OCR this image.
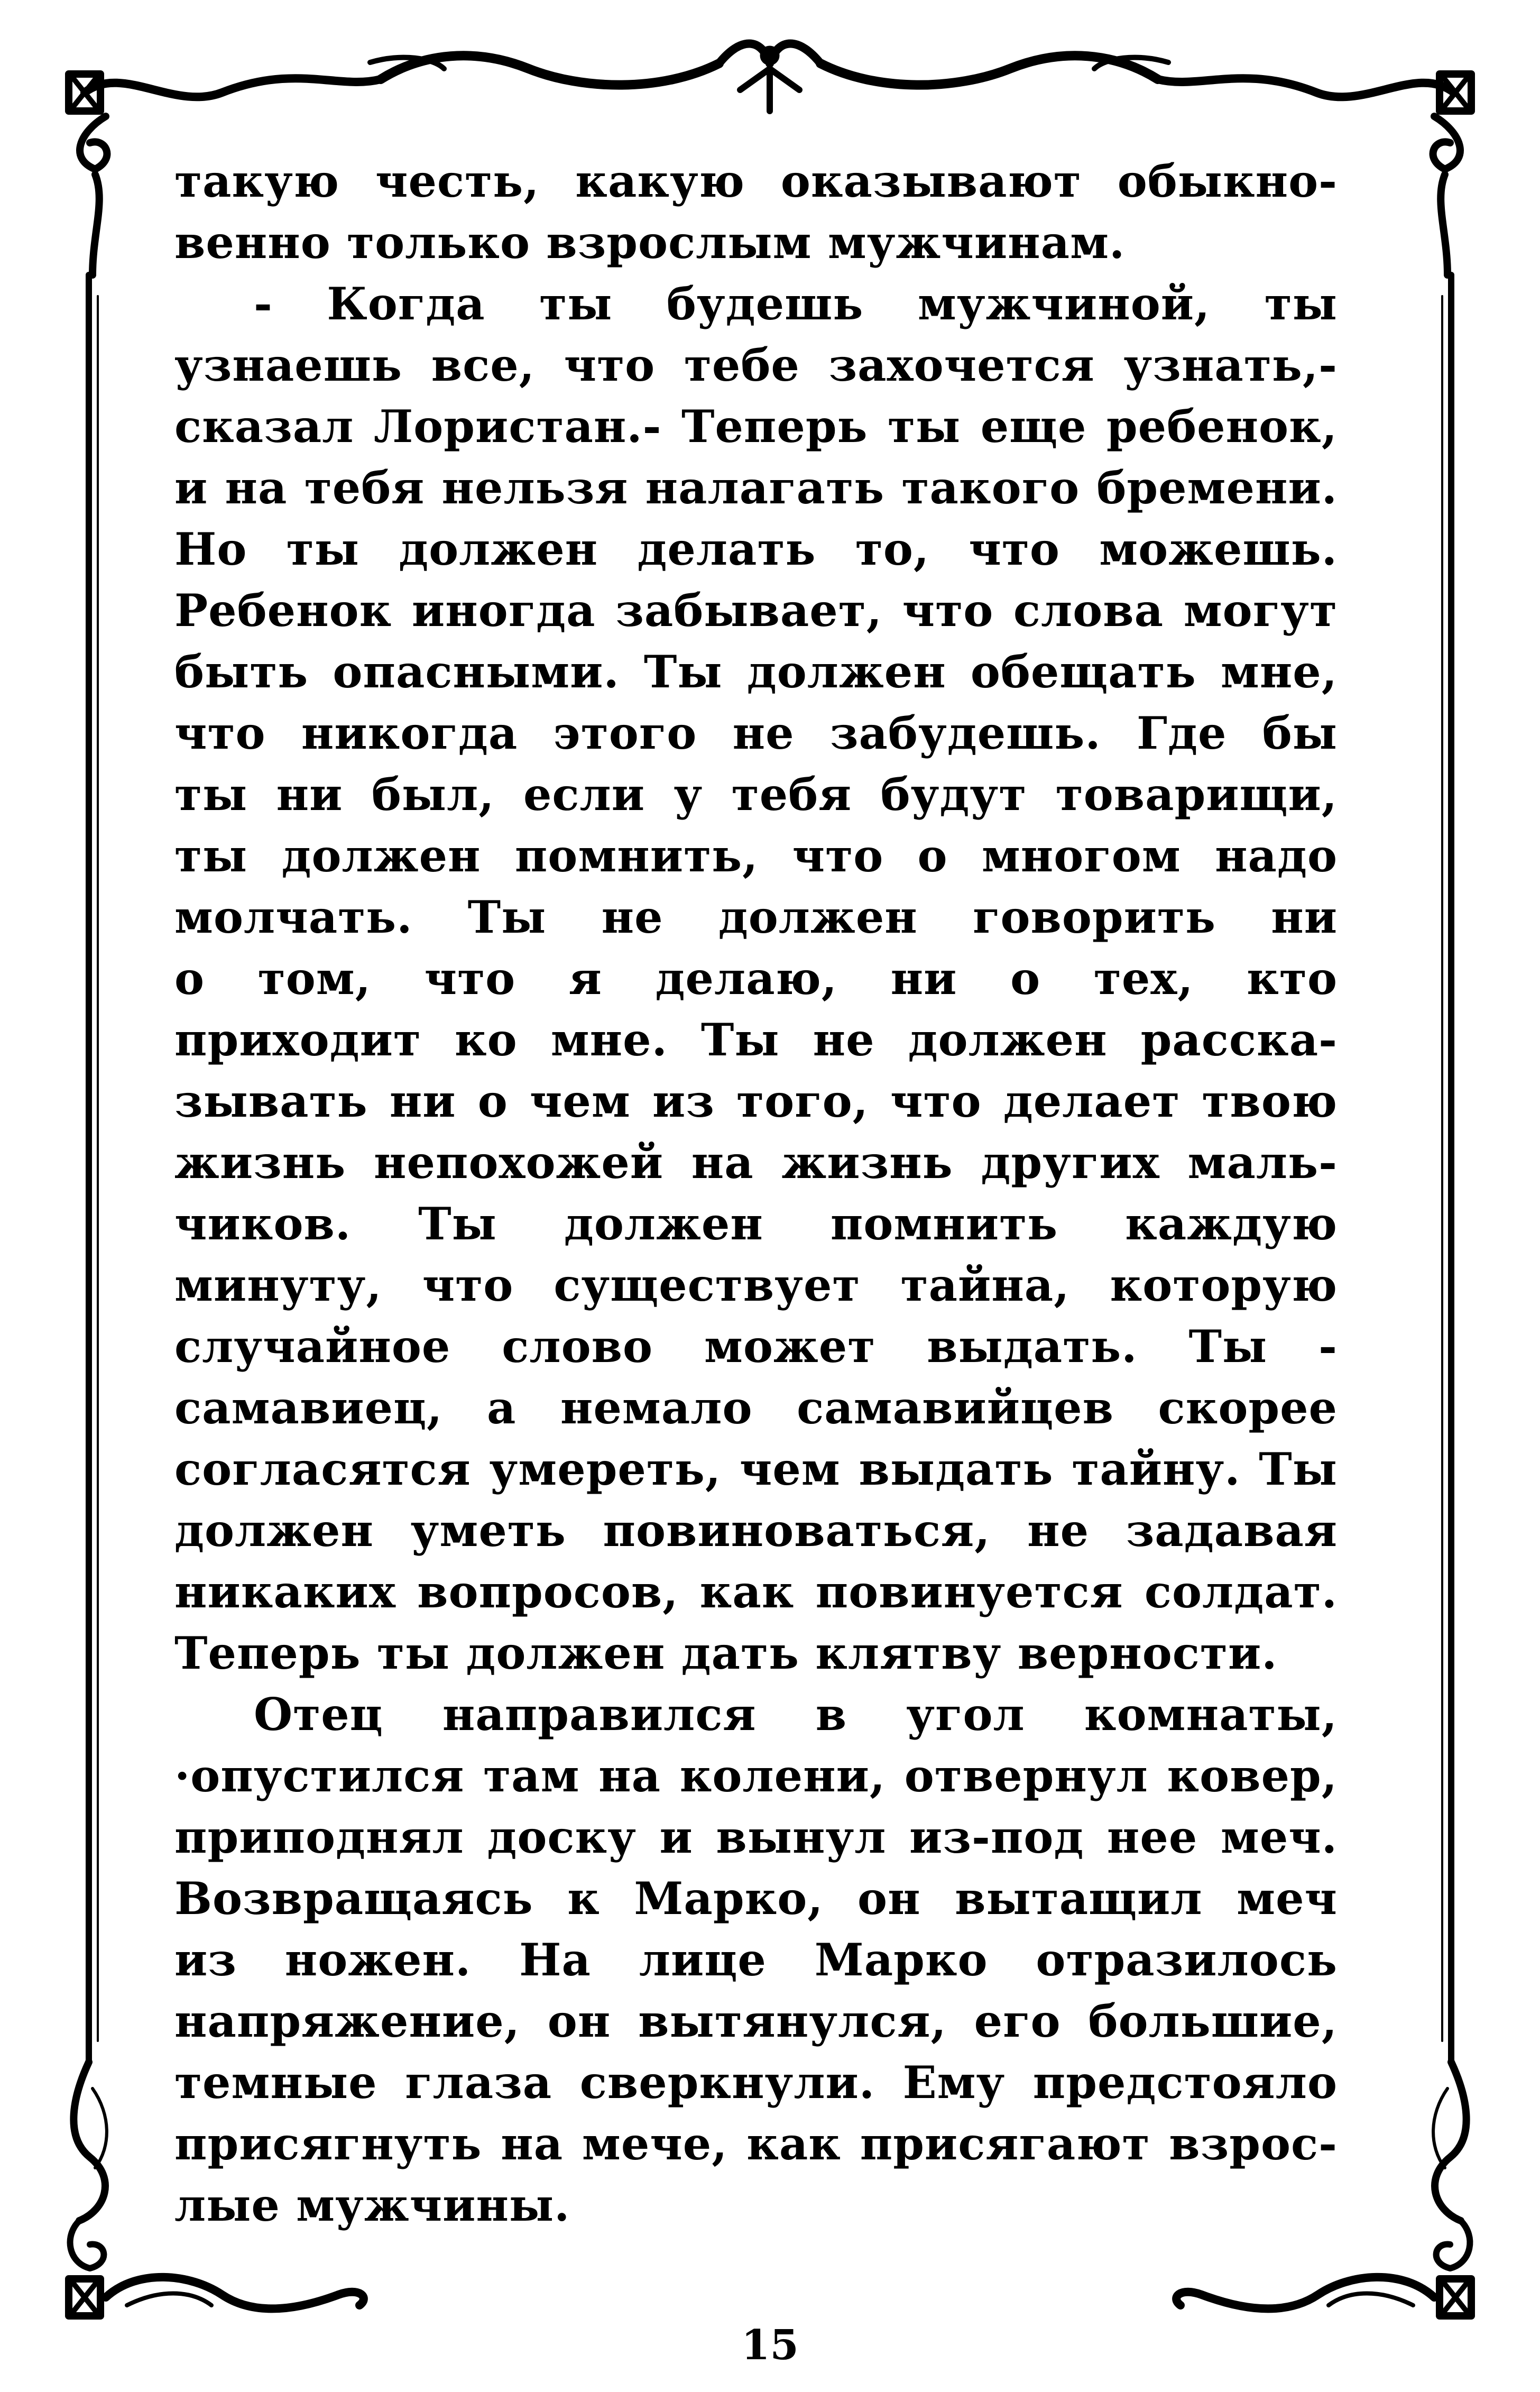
такую честь, какую оказывают обыкно-
венно только взрослым мужчинам.
- Когда ты будешь мужчиной, ты
узнаешь все, что тебе захочется узнать,-
сказал Лористан.- Теперь ты еще ребенок,
и на тебя нельзя налагать такого бремени.
Но ты должен делать то, что можешь.
Ребенок иногда забывает, что слова могут
быть опасными. Ты должен обещать мне,
что никогда этого не забудешь. Где бы
ты ни был, если у тебя будут товарищи,
ты должен помнить, что о многом надо
молчать. Ты не должен говорить ни
о том, что я делаю, ни о тех, кто
приходит ко мне. Ты не должен расска-
зывать ни о чем из того, что делает твою
жизнь непохожей на жизнь других маль-
чиков. Ты должен помнить каждую
минуту, что существует тайна, которую
случайное слово может выдать. Ты -
самавиец, а немало самавийцев скорее
согласятся умереть, чем выдать тайну. Ты
должен уметь повиноваться, не задавая
никаких вопросов, как повинуется солдат.
Теперь ты должен дать клятву верности.
Отец направился в угол комнаты,
·опустился там на колени, отвернул ковер,
приподнял доску и вынул из-под нее меч.
Возвращаясь к Марко, он вытащил меч
из ножен. На лице Марко отразилось
напряжение, он вытянулся, его большие,
темные глаза сверкнули. Ему предстояло
присягнуть на мече, как присягают взрос-
лые мужчины.
15
